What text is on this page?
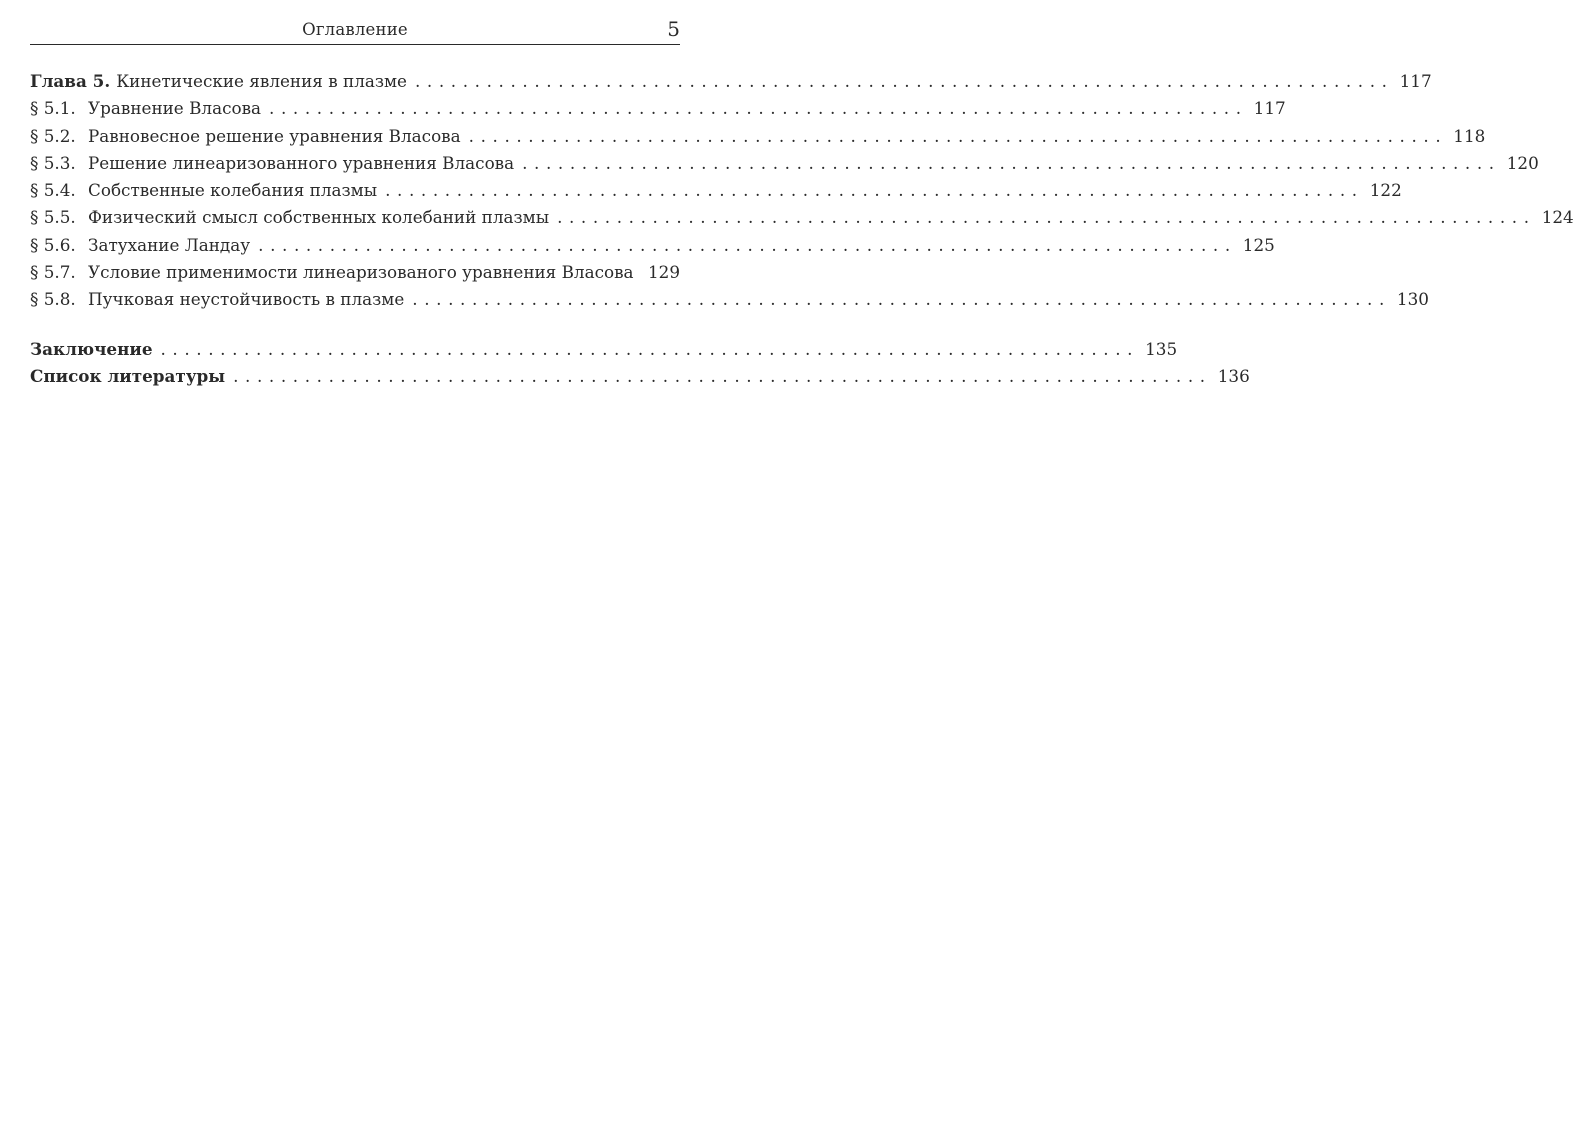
Оглавление	5
Глава 5. Кинетические явления в плазме .................................................................................. 117
§ 5.1. Уравнение Власова .................................................................................. 117
§ 5.2. Равновесное решение уравнения Власова .................................................................................. 118
§ 5.3. Решение линеаризованного уравнения Власова .................................................................................. 120
§ 5.4. Собственные колебания плазмы .................................................................................. 122
§ 5.5. Физический смысл собственных колебаний плазмы .................................................................................. 124
§ 5.6. Затухание Ландау .................................................................................. 125
§ 5.7. Условие применимости линеаризованого уравнения Власова 129
§ 5.8. Пучковая неустойчивость в плазме .................................................................................. 130
Заключение .................................................................................. 135
Список литературы .................................................................................. 136
